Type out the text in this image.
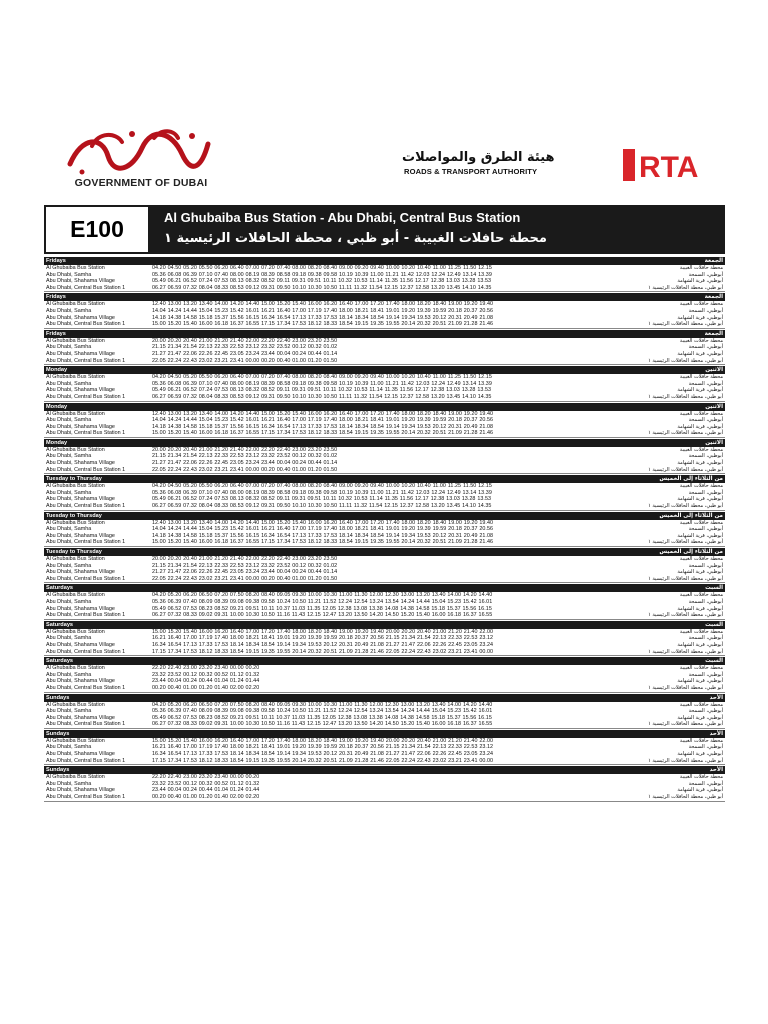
GOVERNMENT OF DUBAI
هيئة الطرق والمواصلات
ROADS & TRANSPORT AUTHORITY	RTA
E100	Al Ghubaiba Bus Station - Abu Dhabi, Central Bus Station
محطة حافلات الغبيبة - أبو ظبي ، محطة الحافلات الرئيسية ١
Fridays	الجمعة
Al Ghubaiba Bus Station	04.20 04.50 05.20 05.50 06.20 06.40 07.00 07.20 07.40 08.00 08.20 08.40 09.00 09.20 09.40 10.00 10.20 10.40 11.00 11.25 11.50 12.15	محطة حافلات الغبيبة
Abu Dhabi, Samha	05.36 06.08 06.39 07.10 07.40 08.00 08.19 08.39 08.58 09.18 09.38 09.58 10.19 10.39 11.00 11.21 11.42 12.03 12.24 12.49 13.14 13.39	أبوظبي، السمحة
Abu Dhabi, Shahama Village	05.49 06.21 06.52 07.24 07.53 08.13 08.32 08.52 09.11 09.31 09.51 10.11 10.32 10.53 11.14 11.35 11.56 12.17 12.38 13.03 13.28 13.53	أبوظبي، قرية الشهامة
Abu Dhabi, Central Bus Station 1	06.27 06.59 07.32 08.04 08.33 08.53 09.12 09.31 09.50 10.10 10.30 10.50 11.11 11.32 11.54 12.15 12.37 12.58 13.20 13.45 14.10 14.35	أبو ظبي، محطة الحافلات الرئيسية ١
Fridays	الجمعة
Al Ghubaiba Bus Station	12.40 13.00 13.20 13.40 14.00 14.20 14.40 15.00 15.20 15.40 16.00 16.20 16.40 17.00 17.20 17.40 18.00 18.20 18.40 19.00 19.20 19.40	محطة حافلات الغبيبة
Abu Dhabi, Samha	14.04 14.24 14.44 15.04 15.23 15.42 16.01 16.21 16.40 17.00 17.19 17.40 18.00 18.21 18.41 19.01 19.20 19.39 19.59 20.18 20.37 20.56	أبوظبي، السمحة
Abu Dhabi, Shahama Village	14.18 14.38 14.58 15.18 15.37 15.56 16.15 16.34 16.54 17.13 17.33 17.53 18.14 18.34 18.54 19.14 19.34 19.53 20.12 20.31 20.49 21.08	أبوظبي، قرية الشهامة
Abu Dhabi, Central Bus Station 1	15.00 15.20 15.40 16.00 16.18 16.37 16.55 17.15 17.34 17.53 18.12 18.33 18.54 19.15 19.35 19.55 20.14 20.32 20.51 21.09 21.28 21.46	أبو ظبي، محطة الحافلات الرئيسية ١
Fridays	الجمعة
Al Ghubaiba Bus Station	20.00 20.20 20.40 21.00 21.20 21.40 22.00 22.20 22.40 23.00 23.20 23.50	محطة حافلات الغبيبة
Abu Dhabi, Samha	21.15 21.34 21.54 22.13 22.33 22.53 23.12 23.32 23.52 00.12 00.32 01.02	أبوظبي، السمحة
Abu Dhabi, Shahama Village	21.27 21.47 22.06 22.26 22.45 23.05 23.24 23.44 00.04 00.24 00.44 01.14	أبوظبي، قرية الشهامة
Abu Dhabi, Central Bus Station 1	22.05 22.24 22.43 23.02 23.21 23.41 00.00 00.20 00.40 01.00 01.20 01.50	أبو ظبي، محطة الحافلات الرئيسية ١
Monday	الاثنين
Al Ghubaiba Bus Station	04.20 04.50 05.20 05.50 06.20 06.40 07.00 07.20 07.40 08.00 08.20 08.40 09.00 09.20 09.40 10.00 10.20 10.40 11.00 11.25 11.50 12.15	محطة حافلات الغبيبة
Abu Dhabi, Samha	05.36 06.08 06.39 07.10 07.40 08.00 08.19 08.39 08.58 09.18 09.38 09.58 10.19 10.39 11.00 11.21 11.42 12.03 12.24 12.49 13.14 13.39	أبوظبي، السمحة
Abu Dhabi, Shahama Village	05.49 06.21 06.52 07.24 07.53 08.13 08.32 08.52 09.11 09.31 09.51 10.11 10.32 10.53 11.14 11.35 11.56 12.17 12.38 13.03 13.28 13.53	أبوظبي، قرية الشهامة
Abu Dhabi, Central Bus Station 1	06.27 06.59 07.32 08.04 08.33 08.53 09.12 09.31 09.50 10.10 10.30 10.50 11.11 11.32 11.54 12.15 12.37 12.58 13.20 13.45 14.10 14.35	أبو ظبي، محطة الحافلات الرئيسية ١
Monday	الاثنين
Al Ghubaiba Bus Station	12.40 13.00 13.20 13.40 14.00 14.20 14.40 15.00 15.20 15.40 16.00 16.20 16.40 17.00 17.20 17.40 18.00 18.20 18.40 19.00 19.20 19.40	محطة حافلات الغبيبة
Abu Dhabi, Samha	14.04 14.24 14.44 15.04 15.23 15.42 16.01 16.21 16.40 17.00 17.19 17.40 18.00 18.21 18.41 19.01 19.20 19.39 19.59 20.18 20.37 20.56	أبوظبي، السمحة
Abu Dhabi, Shahama Village	14.18 14.38 14.58 15.18 15.37 15.56 16.15 16.34 16.54 17.13 17.33 17.53 18.14 18.34 18.54 19.14 19.34 19.53 20.12 20.31 20.49 21.08	أبوظبي، قرية الشهامة
Abu Dhabi, Central Bus Station 1	15.00 15.20 15.40 16.00 16.18 16.37 16.55 17.15 17.34 17.53 18.12 18.33 18.54 19.15 19.35 19.55 20.14 20.32 20.51 21.09 21.28 21.46	أبو ظبي، محطة الحافلات الرئيسية ١
Monday	الاثنين
Al Ghubaiba Bus Station	20.00 20.20 20.40 21.00 21.20 21.40 22.00 22.20 22.40 23.00 23.20 23.50	محطة حافلات الغبيبة
Abu Dhabi, Samha	21.15 21.34 21.54 22.13 22.33 22.53 23.12 23.32 23.52 00.12 00.32 01.02	أبوظبي، السمحة
Abu Dhabi, Shahama Village	21.27 21.47 22.06 22.26 22.45 23.05 23.24 23.44 00.04 00.24 00.44 01.14	أبوظبي، قرية الشهامة
Abu Dhabi, Central Bus Station 1	22.05 22.24 22.43 23.02 23.21 23.41 00.00 00.20 00.40 01.00 01.20 01.50	أبو ظبي، محطة الحافلات الرئيسية ١
Tuesday to Thursday	من الثلاثاء إلى الخميس
Al Ghubaiba Bus Station	04.20 04.50 05.20 05.50 06.20 06.40 07.00 07.20 07.40 08.00 08.20 08.40 09.00 09.20 09.40 10.00 10.20 10.40 11.00 11.25 11.50 12.15	محطة حافلات الغبيبة
Abu Dhabi, Samha	05.36 06.08 06.39 07.10 07.40 08.00 08.19 08.39 08.58 09.18 09.38 09.58 10.19 10.39 11.00 11.21 11.42 12.03 12.24 12.49 13.14 13.39	أبوظبي، السمحة
Abu Dhabi, Shahama Village	05.49 06.21 06.52 07.24 07.53 08.13 08.32 08.52 09.11 09.31 09.51 10.11 10.32 10.53 11.14 11.35 11.56 12.17 12.38 13.03 13.28 13.53	أبوظبي، قرية الشهامة
Abu Dhabi, Central Bus Station 1	06.27 06.59 07.32 08.04 08.33 08.53 09.12 09.31 09.50 10.10 10.30 10.50 11.11 11.32 11.54 12.15 12.37 12.58 13.20 13.45 14.10 14.35	أبو ظبي، محطة الحافلات الرئيسية ١
Tuesday to Thursday	من الثلاثاء إلى الخميس
Al Ghubaiba Bus Station	12.40 13.00 13.20 13.40 14.00 14.20 14.40 15.00 15.20 15.40 16.00 16.20 16.40 17.00 17.20 17.40 18.00 18.20 18.40 19.00 19.20 19.40	محطة حافلات الغبيبة
Abu Dhabi, Samha	14.04 14.24 14.44 15.04 15.23 15.42 16.01 16.21 16.40 17.00 17.19 17.40 18.00 18.21 18.41 19.01 19.20 19.39 19.59 20.18 20.37 20.56	أبوظبي، السمحة
Abu Dhabi, Shahama Village	14.18 14.38 14.58 15.18 15.37 15.56 16.15 16.34 16.54 17.13 17.33 17.53 18.14 18.34 18.54 19.14 19.34 19.53 20.12 20.31 20.49 21.08	أبوظبي، قرية الشهامة
Abu Dhabi, Central Bus Station 1	15.00 15.20 15.40 16.00 16.18 16.37 16.55 17.15 17.34 17.53 18.12 18.33 18.54 19.15 19.35 19.55 20.14 20.32 20.51 21.09 21.28 21.46	أبو ظبي، محطة الحافلات الرئيسية ١
Tuesday to Thursday	من الثلاثاء إلى الخميس
Al Ghubaiba Bus Station	20.00 20.20 20.40 21.00 21.20 21.40 22.00 22.20 22.40 23.00 23.20 23.50	محطة حافلات الغبيبة
Abu Dhabi, Samha	21.15 21.34 21.54 22.13 22.33 22.53 23.12 23.32 23.52 00.12 00.32 01.02	أبوظبي، السمحة
Abu Dhabi, Shahama Village	21.27 21.47 22.06 22.26 22.45 23.05 23.24 23.44 00.04 00.24 00.44 01.14	أبوظبي، قرية الشهامة
Abu Dhabi, Central Bus Station 1	22.05 22.24 22.43 23.02 23.21 23.41 00.00 00.20 00.40 01.00 01.20 01.50	أبو ظبي، محطة الحافلات الرئيسية ١
Saturdays	السبت
Al Ghubaiba Bus Station	04.20 05.20 06.20 06.50 07.20 07.50 08.20 08.40 09.05 09.30 10.00 10.30 11.00 11.30 12.00 12.30 13.00 13.20 13.40 14.00 14.20 14.40	محطة حافلات الغبيبة
Abu Dhabi, Samha	05.36 06.39 07.40 08.09 08.39 09.08 09.38 09.58 10.24 10.50 11.21 11.52 12.24 12.54 13.24 13.54 14.24 14.44 15.04 15.23 15.42 16.01	أبوظبي، السمحة
Abu Dhabi, Shahama Village	05.49 06.52 07.53 08.23 08.52 09.21 09.51 10.11 10.37 11.03 11.35 12.05 12.38 13.08 13.38 14.08 14.38 14.58 15.18 15.37 15.56 16.15	أبوظبي، قرية الشهامة
Abu Dhabi, Central Bus Station 1	06.27 07.32 08.33 09.02 09.31 10.00 10.30 10.50 11.16 11.43 12.15 12.47 13.20 13.50 14.20 14.50 15.20 15.40 16.00 16.18 16.37 16.55	أبو ظبي، محطة الحافلات الرئيسية ١
Saturdays	السبت
Al Ghubaiba Bus Station	15.00 15.20 15.40 16.00 16.20 16.40 17.00 17.20 17.40 18.00 18.20 18.40 19.00 19.20 19.40 20.00 20.20 20.40 21.00 21.20 21.40 22.00	محطة حافلات الغبيبة
Abu Dhabi, Samha	16.21 16.40 17.00 17.19 17.40 18.00 18.21 18.41 19.01 19.20 19.39 19.59 20.18 20.37 20.56 21.15 21.34 21.54 22.13 22.33 22.53 23.12	أبوظبي، السمحة
Abu Dhabi, Shahama Village	16.34 16.54 17.13 17.33 17.53 18.14 18.34 18.54 19.14 19.34 19.53 20.12 20.31 20.49 21.08 21.27 21.47 22.06 22.26 22.45 23.05 23.24	أبوظبي، قرية الشهامة
Abu Dhabi, Central Bus Station 1	17.15 17.34 17.53 18.12 18.33 18.54 19.15 19.35 19.55 20.14 20.32 20.51 21.09 21.28 21.46 22.05 22.24 22.43 23.02 23.21 23.41 00.00	أبو ظبي، محطة الحافلات الرئيسية ١
Saturdays	السبت
Al Ghubaiba Bus Station	22.20 22.40 23.00 23.20 23.40 00.00 00.20	محطة حافلات الغبيبة
Abu Dhabi, Samha	23.32 23.52 00.12 00.32 00.52 01.12 01.32	أبوظبي، السمحة
Abu Dhabi, Shahama Village	23.44 00.04 00.24 00.44 01.04 01.24 01.44	أبوظبي، قرية الشهامة
Abu Dhabi, Central Bus Station 1	00.20 00.40 01.00 01.20 01.40 02.00 02.20	أبو ظبي، محطة الحافلات الرئيسية ١
Sundays	الأحد
Al Ghubaiba Bus Station	04.20 05.20 06.20 06.50 07.20 07.50 08.20 08.40 09.05 09.30 10.00 10.30 11.00 11.30 12.00 12.30 13.00 13.20 13.40 14.00 14.20 14.40	محطة حافلات الغبيبة
Abu Dhabi, Samha	05.36 06.39 07.40 08.09 08.39 09.08 09.38 09.58 10.24 10.50 11.21 11.52 12.24 12.54 13.24 13.54 14.24 14.44 15.04 15.23 15.42 16.01	أبوظبي، السمحة
Abu Dhabi, Shahama Village	05.49 06.52 07.53 08.23 08.52 09.21 09.51 10.11 10.37 11.03 11.35 12.05 12.38 13.08 13.38 14.08 14.38 14.58 15.18 15.37 15.56 16.15	أبوظبي، قرية الشهامة
Abu Dhabi, Central Bus Station 1	06.27 07.32 08.33 09.02 09.31 10.00 10.30 10.50 11.16 11.43 12.15 12.47 13.20 13.50 14.20 14.50 15.20 15.40 16.00 16.18 16.37 16.55	أبو ظبي، محطة الحافلات الرئيسية ١
Sundays	الأحد
Al Ghubaiba Bus Station	15.00 15.20 15.40 16.00 16.20 16.40 17.00 17.20 17.40 18.00 18.20 18.40 19.00 19.20 19.40 20.00 20.20 20.40 21.00 21.20 21.40 22.00	محطة حافلات الغبيبة
Abu Dhabi, Samha	16.21 16.40 17.00 17.19 17.40 18.00 18.21 18.41 19.01 19.20 19.39 19.59 20.18 20.37 20.56 21.15 21.34 21.54 22.13 22.33 22.53 23.12	أبوظبي، السمحة
Abu Dhabi, Shahama Village	16.34 16.54 17.13 17.33 17.53 18.14 18.34 18.54 19.14 19.34 19.53 20.12 20.31 20.49 21.08 21.27 21.47 22.06 22.26 22.45 23.05 23.24	أبوظبي، قرية الشهامة
Abu Dhabi, Central Bus Station 1	17.15 17.34 17.53 18.12 18.33 18.54 19.15 19.35 19.55 20.14 20.32 20.51 21.09 21.28 21.46 22.05 22.24 22.43 23.02 23.21 23.41 00.00	أبو ظبي، محطة الحافلات الرئيسية ١
Sundays	الأحد
Al Ghubaiba Bus Station	22.20 22.40 23.00 23.20 23.40 00.00 00.20	محطة حافلات الغبيبة
Abu Dhabi, Samha	23.32 23.52 00.12 00.32 00.52 01.12 01.32	أبوظبي، السمحة
Abu Dhabi, Shahama Village	23.44 00.04 00.24 00.44 01.04 01.24 01.44	أبوظبي، قرية الشهامة
Abu Dhabi, Central Bus Station 1	00.20 00.40 01.00 01.20 01.40 02.00 02.20	أبو ظبي، محطة الحافلات الرئيسية ١
